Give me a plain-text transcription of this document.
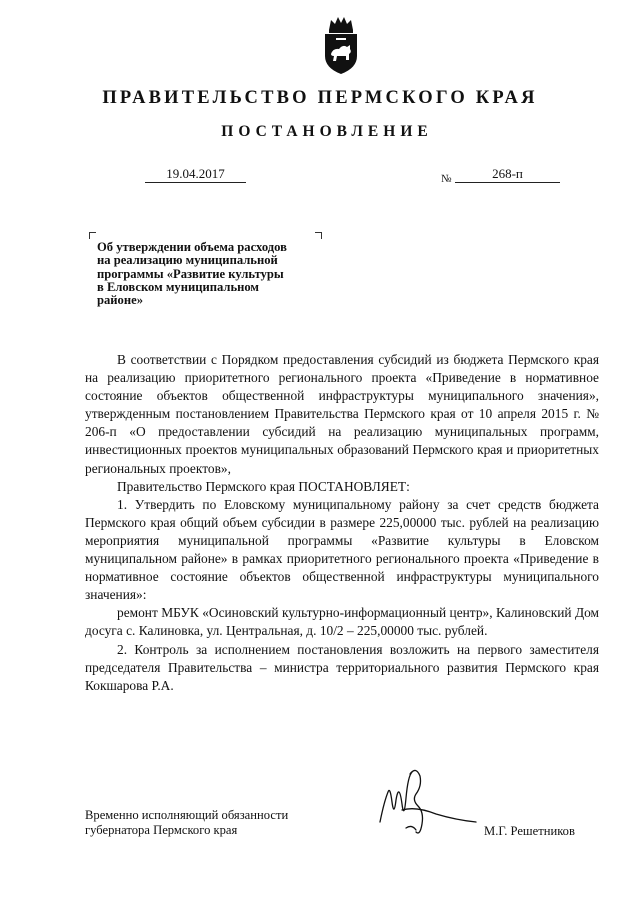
ПРАВИТЕЛЬСТВО ПЕРМСКОГО КРАЯ
ПОСТАНОВЛЕНИЕ
19.04.2017	№	268-п
Об утверждении объема расходов
на реализацию муниципальной
программы «Развитие культуры
в Еловском муниципальном
районе»

В соответствии с Порядком предоставления субсидий из бюджета Пермского края на реализацию приоритетного регионального проекта «Приведение в нормативное состояние объектов общественной инфраструктуры муниципального значения», утвержденным постановлением Правительства Пермского края от 10 апреля 2015 г. № 206-п «О предоставлении субсидий на реализацию муниципальных программ, инвестиционных проектов муниципальных образований Пермского края и приоритетных региональных проектов»,

Правительство Пермского края ПОСТАНОВЛЯЕТ:

1. Утвердить по Еловскому муниципальному району за счет средств бюджета Пермского края общий объем субсидии в размере 225,00000 тыс. рублей на реализацию мероприятия муниципальной программы «Развитие культуры в Еловском муниципальном районе» в рамках приоритетного регионального проекта «Приведение в нормативное состояние объектов общественной инфраструктуры муниципального значения»:

ремонт МБУК «Осиновский культурно-информационный центр», Калиновский Дом досуга с. Калиновка, ул. Центральная, д. 10/2 – 225,00000 тыс. рублей.

2. Контроль за исполнением постановления возложить на первого заместителя председателя Правительства – министра территориального развития Пермского края Кокшарова Р.А.

Временно исполняющий обязанности
губернатора Пермского края	М.Г. Решетников
